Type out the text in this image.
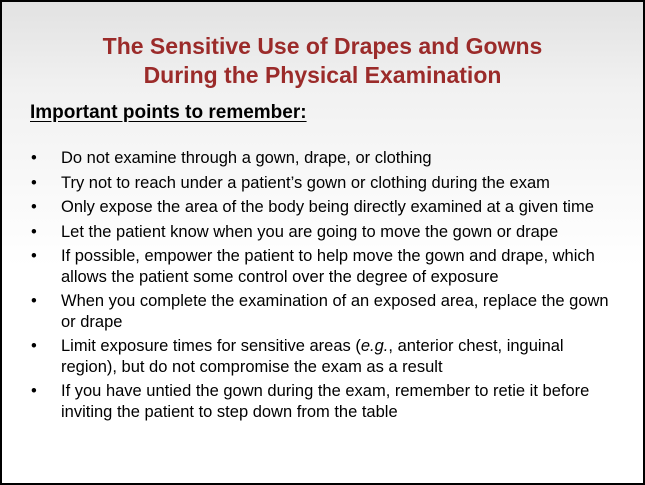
The Sensitive Use of Drapes and Gowns
During the Physical Examination
Important points to remember:
• Do not examine through a gown, drape, or clothing
• Try not to reach under a patient’s gown or clothing during the exam
• Only expose the area of the body being directly examined at a given time
• Let the patient know when you are going to move the gown or drape
• If possible, empower the patient to help move the gown and drape, which allows the patient some control over the degree of exposure
• When you complete the examination of an exposed area, replace the gown or drape
• Limit exposure times for sensitive areas (e.g., anterior chest, inguinal region), but do not compromise the exam as a result
• If you have untied the gown during the exam, remember to retie it before inviting the patient to step down from the table
